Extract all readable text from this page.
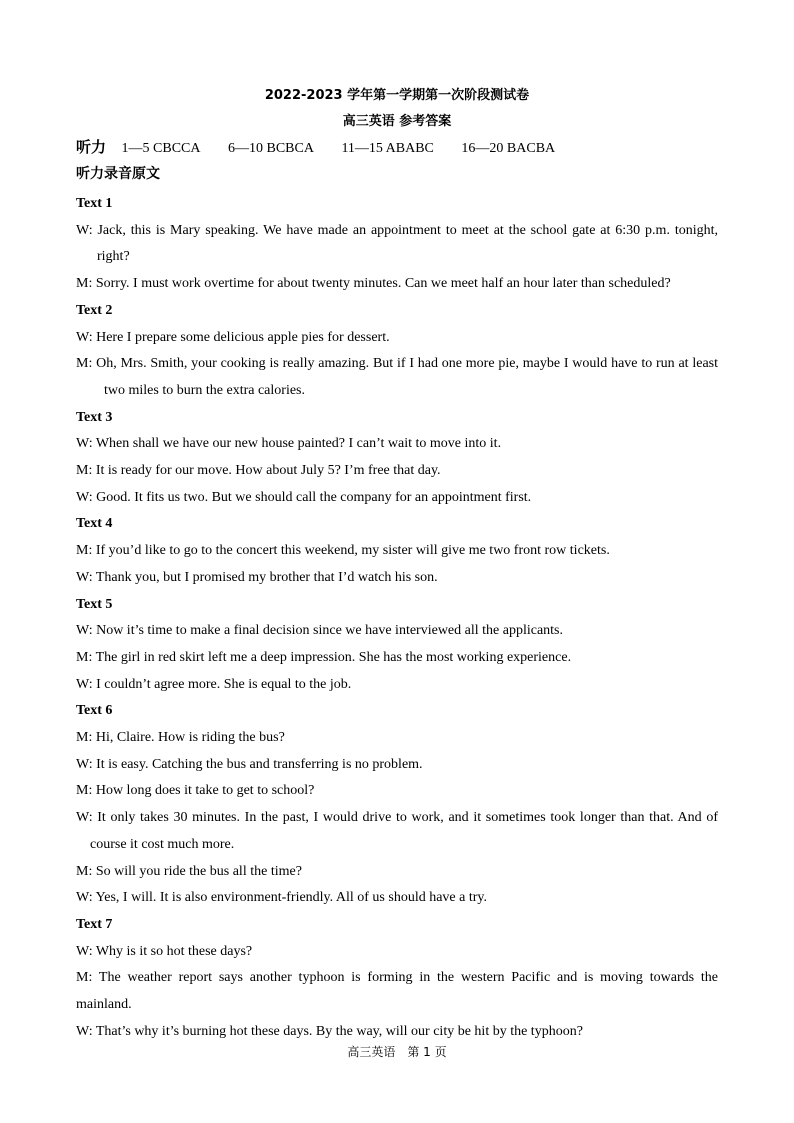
2022-2023 学年第一学期第一次阶段测试卷
高三英语 参考答案
听力 1—5 CBCCA 6—10 BCBCA 11—15 ABABC 16—20 BACBA
听力录音原文
Text 1
W: Jack, this is Mary speaking. We have made an appointment to meet at the school gate at 6:30 p.m. tonight, right?
M: Sorry. I must work overtime for about twenty minutes. Can we meet half an hour later than scheduled?
Text 2
W: Here I prepare some delicious apple pies for dessert.
M: Oh, Mrs. Smith, your cooking is really amazing. But if I had one more pie, maybe I would have to run at least two miles to burn the extra calories.
Text 3
W: When shall we have our new house painted? I can’t wait to move into it.
M: It is ready for our move. How about July 5? I’m free that day.
W: Good. It fits us two. But we should call the company for an appointment first.
Text 4
M: If you’d like to go to the concert this weekend, my sister will give me two front row tickets.
W: Thank you, but I promised my brother that I’d watch his son.
Text 5
W: Now it’s time to make a final decision since we have interviewed all the applicants.
M: The girl in red skirt left me a deep impression. She has the most working experience.
W: I couldn’t agree more. She is equal to the job.
Text 6
M: Hi, Claire. How is riding the bus?
W: It is easy. Catching the bus and transferring is no problem.
M: How long does it take to get to school?
W: It only takes 30 minutes. In the past, I would drive to work, and it sometimes took longer than that. And of course it cost much more.
M: So will you ride the bus all the time?
W: Yes, I will. It is also environment-friendly. All of us should have a try.
Text 7
W: Why is it so hot these days?
M: The weather report says another typhoon is forming in the western Pacific and is moving towards the mainland.
W: That’s why it’s burning hot these days. By the way, will our city be hit by the typhoon?
高三英语　第 1 页
